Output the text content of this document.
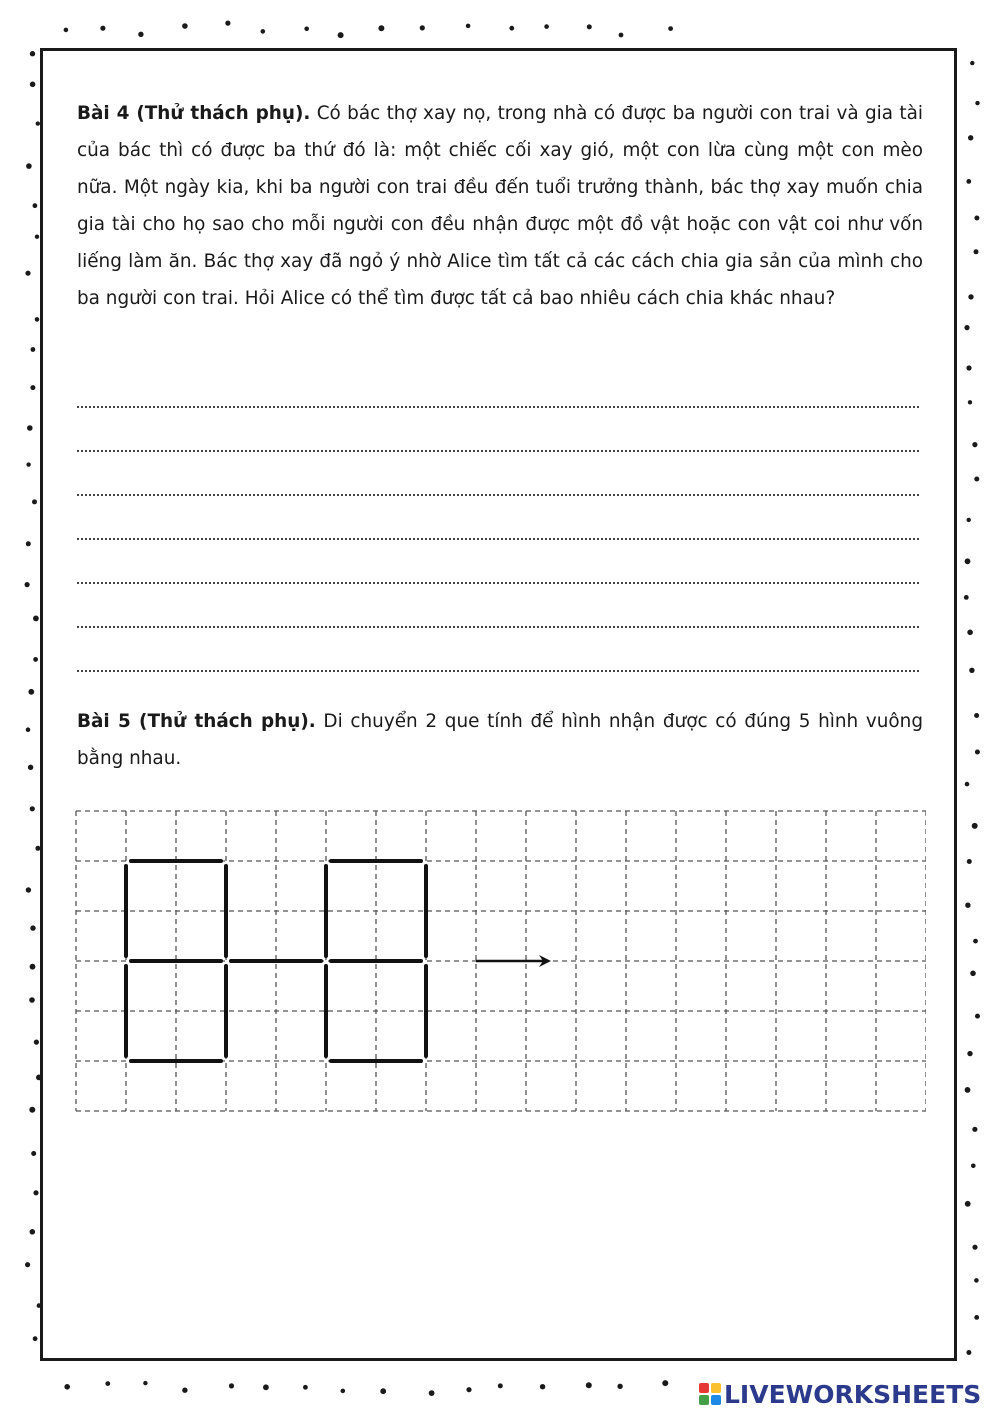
Bài 4 (Thử thách phụ). Có bác thợ xay nọ, trong nhà có được ba người con trai và gia tài của bác thì có được ba thứ đó là: một chiếc cối xay gió, một con lừa cùng một con mèo nữa. Một ngày kia, khi ba người con trai đều đến tuổi trưởng thành, bác thợ xay muốn chia gia tài cho họ sao cho mỗi người con đều nhận được một đồ vật hoặc con vật coi như vốn liếng làm ăn. Bác thợ xay đã ngỏ ý nhờ Alice tìm tất cả các cách chia gia sản của mình cho ba người con trai. Hỏi Alice có thể tìm được tất cả bao nhiêu cách chia khác nhau?

Bài 5 (Thử thách phụ). Di chuyển 2 que tính để hình nhận được có đúng 5 hình vuông bằng nhau.

LIVEWORKSHEETS
